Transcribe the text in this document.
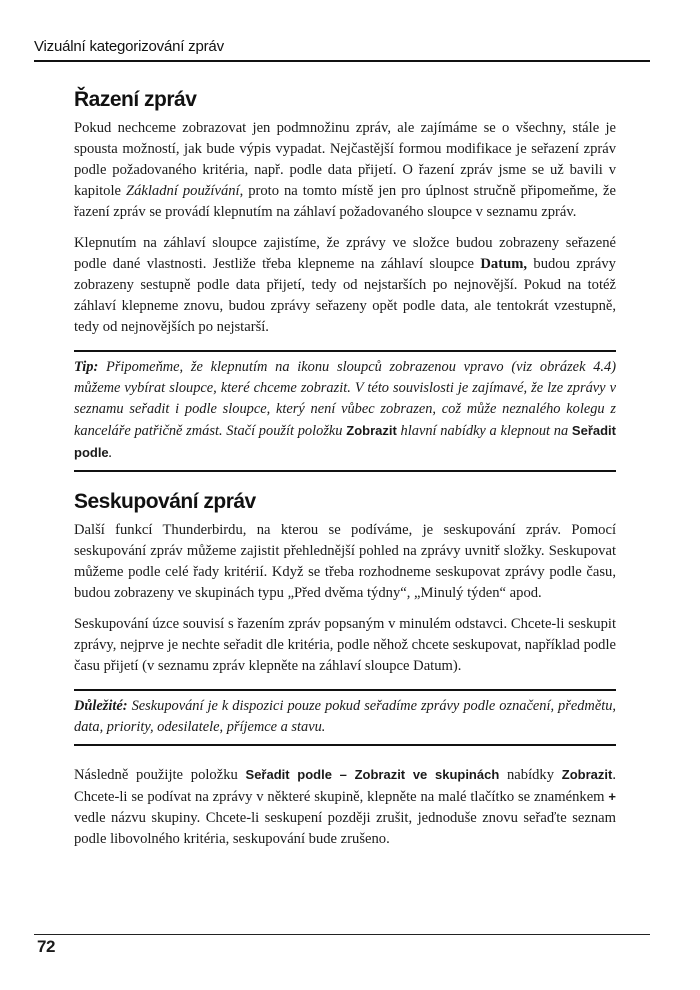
Vizuální kategorizování zpráv
Řazení zpráv

Pokud nechceme zobrazovat jen podmnožinu zpráv, ale zajímáme se o všechny, stále je spousta možností, jak bude výpis vypadat. Nejčastější formou modifikace je seřazení zpráv podle požadovaného kritéria, např. podle data přijetí. O řazení zpráv jsme se už bavili v kapitole Základní používání, proto na tomto místě jen pro úplnost stručně připomeňme, že řazení zpráv se provádí klepnutím na záhlaví požadovaného sloupce v seznamu zpráv.

Klepnutím na záhlaví sloupce zajistíme, že zprávy ve složce budou zobrazeny seřazené podle dané vlastnosti. Jestliže třeba klepneme na záhlaví sloupce Datum, budou zprávy zobrazeny sestupně podle data přijetí, tedy od nejstarších po nejnovější. Pokud na totéž záhlaví klepneme znovu, budou zprávy seřazeny opět podle data, ale tentokrát vzestupně, tedy od nejnovějších po nejstarší.

Tip: Připomeňme, že klepnutím na ikonu sloupců zobrazenou vpravo (viz obrázek 4.4) můžeme vybírat sloupce, které chceme zobrazit. V této souvislosti je zajímavé, že lze zprávy v seznamu seřadit i podle sloupce, který není vůbec zobrazen, což může neznalého kolegu z kanceláře patřičně zmást. Stačí použít položku Zobrazit hlavní nabídky a klepnout na Seřadit podle.

Seskupování zpráv

Další funkcí Thunderbirdu, na kterou se podíváme, je seskupování zpráv. Pomocí seskupování zpráv můžeme zajistit přehlednější pohled na zprávy uvnitř složky. Seskupovat můžeme podle celé řady kritérií. Když se třeba rozhodneme seskupovat zprávy podle času, budou zobrazeny ve skupinách typu „Před dvěma týdny“, „Minulý týden“ apod.

Seskupování úzce souvisí s řazením zpráv popsaným v minulém odstavci. Chcete-li seskupit zprávy, nejprve je nechte seřadit dle kritéria, podle něhož chcete seskupovat, například podle času přijetí (v seznamu zpráv klepněte na záhlaví sloupce Datum).

Důležité: Seskupování je k dispozici pouze pokud seřadíme zprávy podle označení, předmětu, data, priority, odesilatele, příjemce a stavu.

Následně použijte položku Seřadit podle – Zobrazit ve skupinách nabídky Zobrazit. Chcete-li se podívat na zprávy v některé skupině, klepněte na malé tlačítko se znaménkem + vedle názvu skupiny. Chcete-li seskupení později zrušit, jednoduše znovu seřaďte seznam podle libovolného kritéria, seskupování bude zrušeno.

72
